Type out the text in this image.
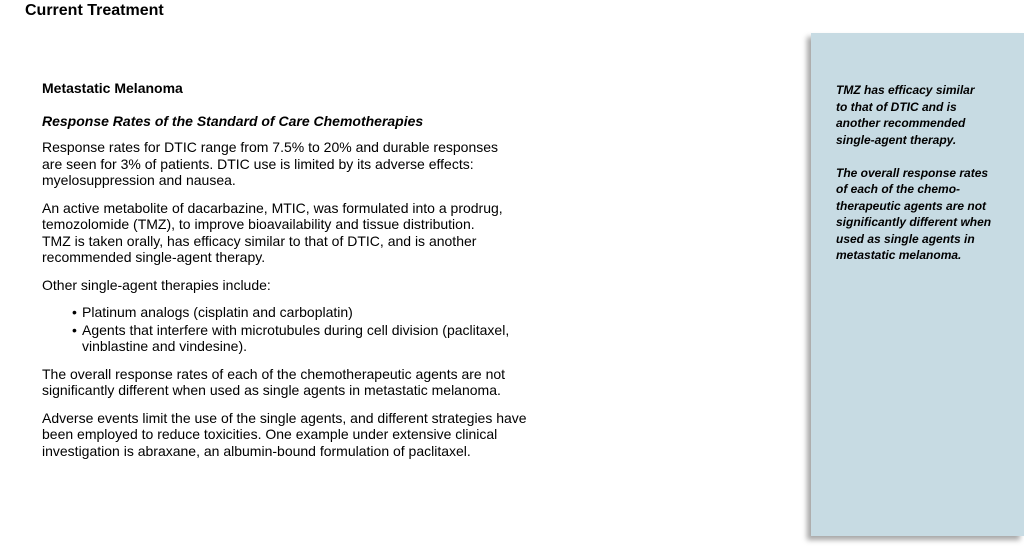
Current Treatment

Metastatic Melanoma

Response Rates of the Standard of Care Chemotherapies

Response rates for DTIC range from 7.5% to 20% and durable responses
are seen for 3% of patients. DTIC use is limited by its adverse effects:
myelosuppression and nausea.

An active metabolite of dacarbazine, MTIC, was formulated into a prodrug,
temozolomide (TMZ), to improve bioavailability and tissue distribution.
TMZ is taken orally, has efficacy similar to that of DTIC, and is another
recommended single-agent therapy.

Other single-agent therapies include:

• Platinum analogs (cisplatin and carboplatin)
• Agents that interfere with microtubules during cell division (paclitaxel,
vinblastine and vindesine).

The overall response rates of each of the chemotherapeutic agents are not
significantly different when used as single agents in metastatic melanoma.

Adverse events limit the use of the single agents, and different strategies have
been employed to reduce toxicities. One example under extensive clinical
investigation is abraxane, an albumin-bound formulation of paclitaxel.

TMZ has efficacy similar
to that of DTIC and is
another recommended
single-agent therapy.

The overall response rates
of each of the chemo-
therapeutic agents are not
significantly different when
used as single agents in
metastatic melanoma.
